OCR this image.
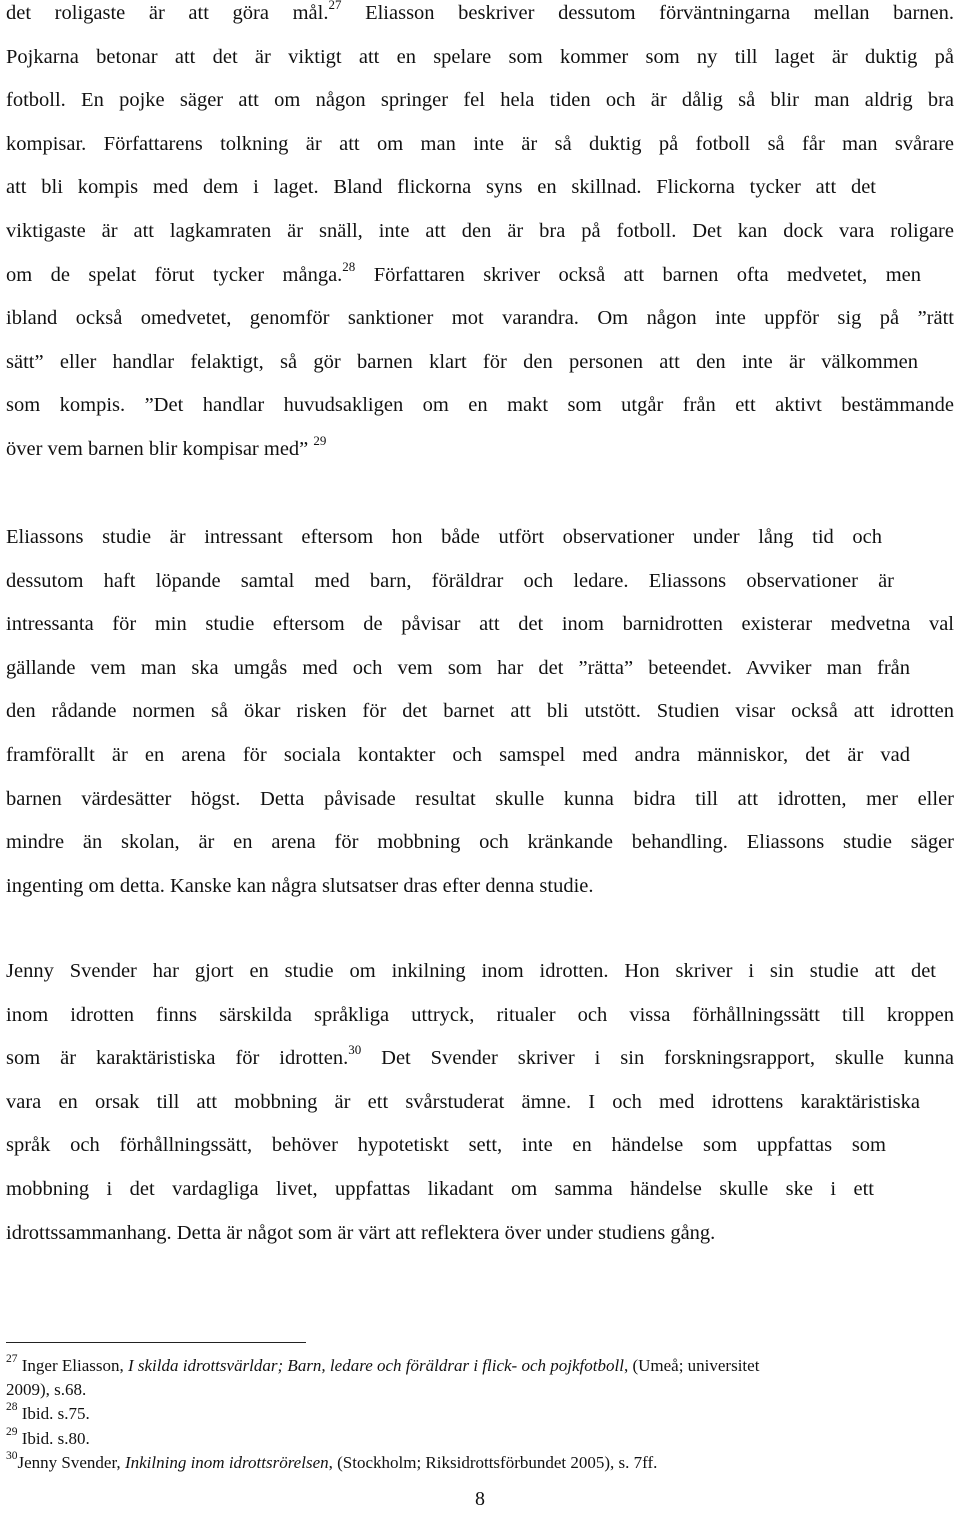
det roligaste är att göra mål.$^{27}$ Eliasson beskriver dessutom förväntningarna mellan barnen.
Pojkarna betonar att det är viktigt att en spelare som kommer som ny till laget är duktig på
fotboll. En pojke säger att om någon springer fel hela tiden och är dålig så blir man aldrig bra
kompisar. Författarens tolkning är att om man inte är så duktig på fotboll så får man svårare
att bli kompis med dem i laget. Bland flickorna syns en skillnad. Flickorna tycker att det
viktigaste är att lagkamraten är snäll, inte att den är bra på fotboll. Det kan dock vara roligare
om de spelat förut tycker många.$^{28}$ Författaren skriver också att barnen ofta medvetet, men
ibland också omedvetet, genomför sanktioner mot varandra. Om någon inte uppför sig på ”rätt
sätt” eller handlar felaktigt, så gör barnen klart för den personen att den inte är välkommen
som kompis. ”Det handlar huvudsakligen om en makt som utgår från ett aktivt bestämmande
över vem barnen blir kompisar med” $^{29}$
Eliassons studie är intressant eftersom hon både utfört observationer under lång tid och
dessutom haft löpande samtal med barn, föräldrar och ledare. Eliassons observationer är
intressanta för min studie eftersom de påvisar att det inom barnidrotten existerar medvetna val
gällande vem man ska umgås med och vem som har det ”rätta” beteendet. Avviker man från
den rådande normen så ökar risken för det barnet att bli utstött. Studien visar också att idrotten
framförallt är en arena för sociala kontakter och samspel med andra människor, det är vad
barnen värdesätter högst. Detta påvisade resultat skulle kunna bidra till att idrotten, mer eller
mindre än skolan, är en arena för mobbning och kränkande behandling. Eliassons studie säger
ingenting om detta. Kanske kan några slutsatser dras efter denna studie.
Jenny Svender har gjort en studie om inkilning inom idrotten. Hon skriver i sin studie att det
inom idrotten finns särskilda språkliga uttryck, ritualer och vissa förhållningssätt till kroppen
som är karaktäristiska för idrotten.$^{30}$ Det Svender skriver i sin forskningsrapport, skulle kunna
vara en orsak till att mobbning är ett svårstuderat ämne. I och med idrottens karaktäristiska
språk och förhållningssätt, behöver hypotetiskt sett, inte en händelse som uppfattas som
mobbning i det vardagliga livet, uppfattas likadant om samma händelse skulle ske i ett
idrottssammanhang. Detta är något som är värt att reflektera över under studiens gång.
$^{27}$ Inger Eliasson, I skilda idrottsvärldar; Barn, ledare och föräldrar i flick- och pojkfotboll, (Umeå; universitet
2009), s.68.
$^{28}$ Ibid. s.75.
$^{29}$ Ibid. s.80.
$^{30}$Jenny Svender, Inkilning inom idrottsrörelsen, (Stockholm; Riksidrottsförbundet 2005), s. 7ff.
8
